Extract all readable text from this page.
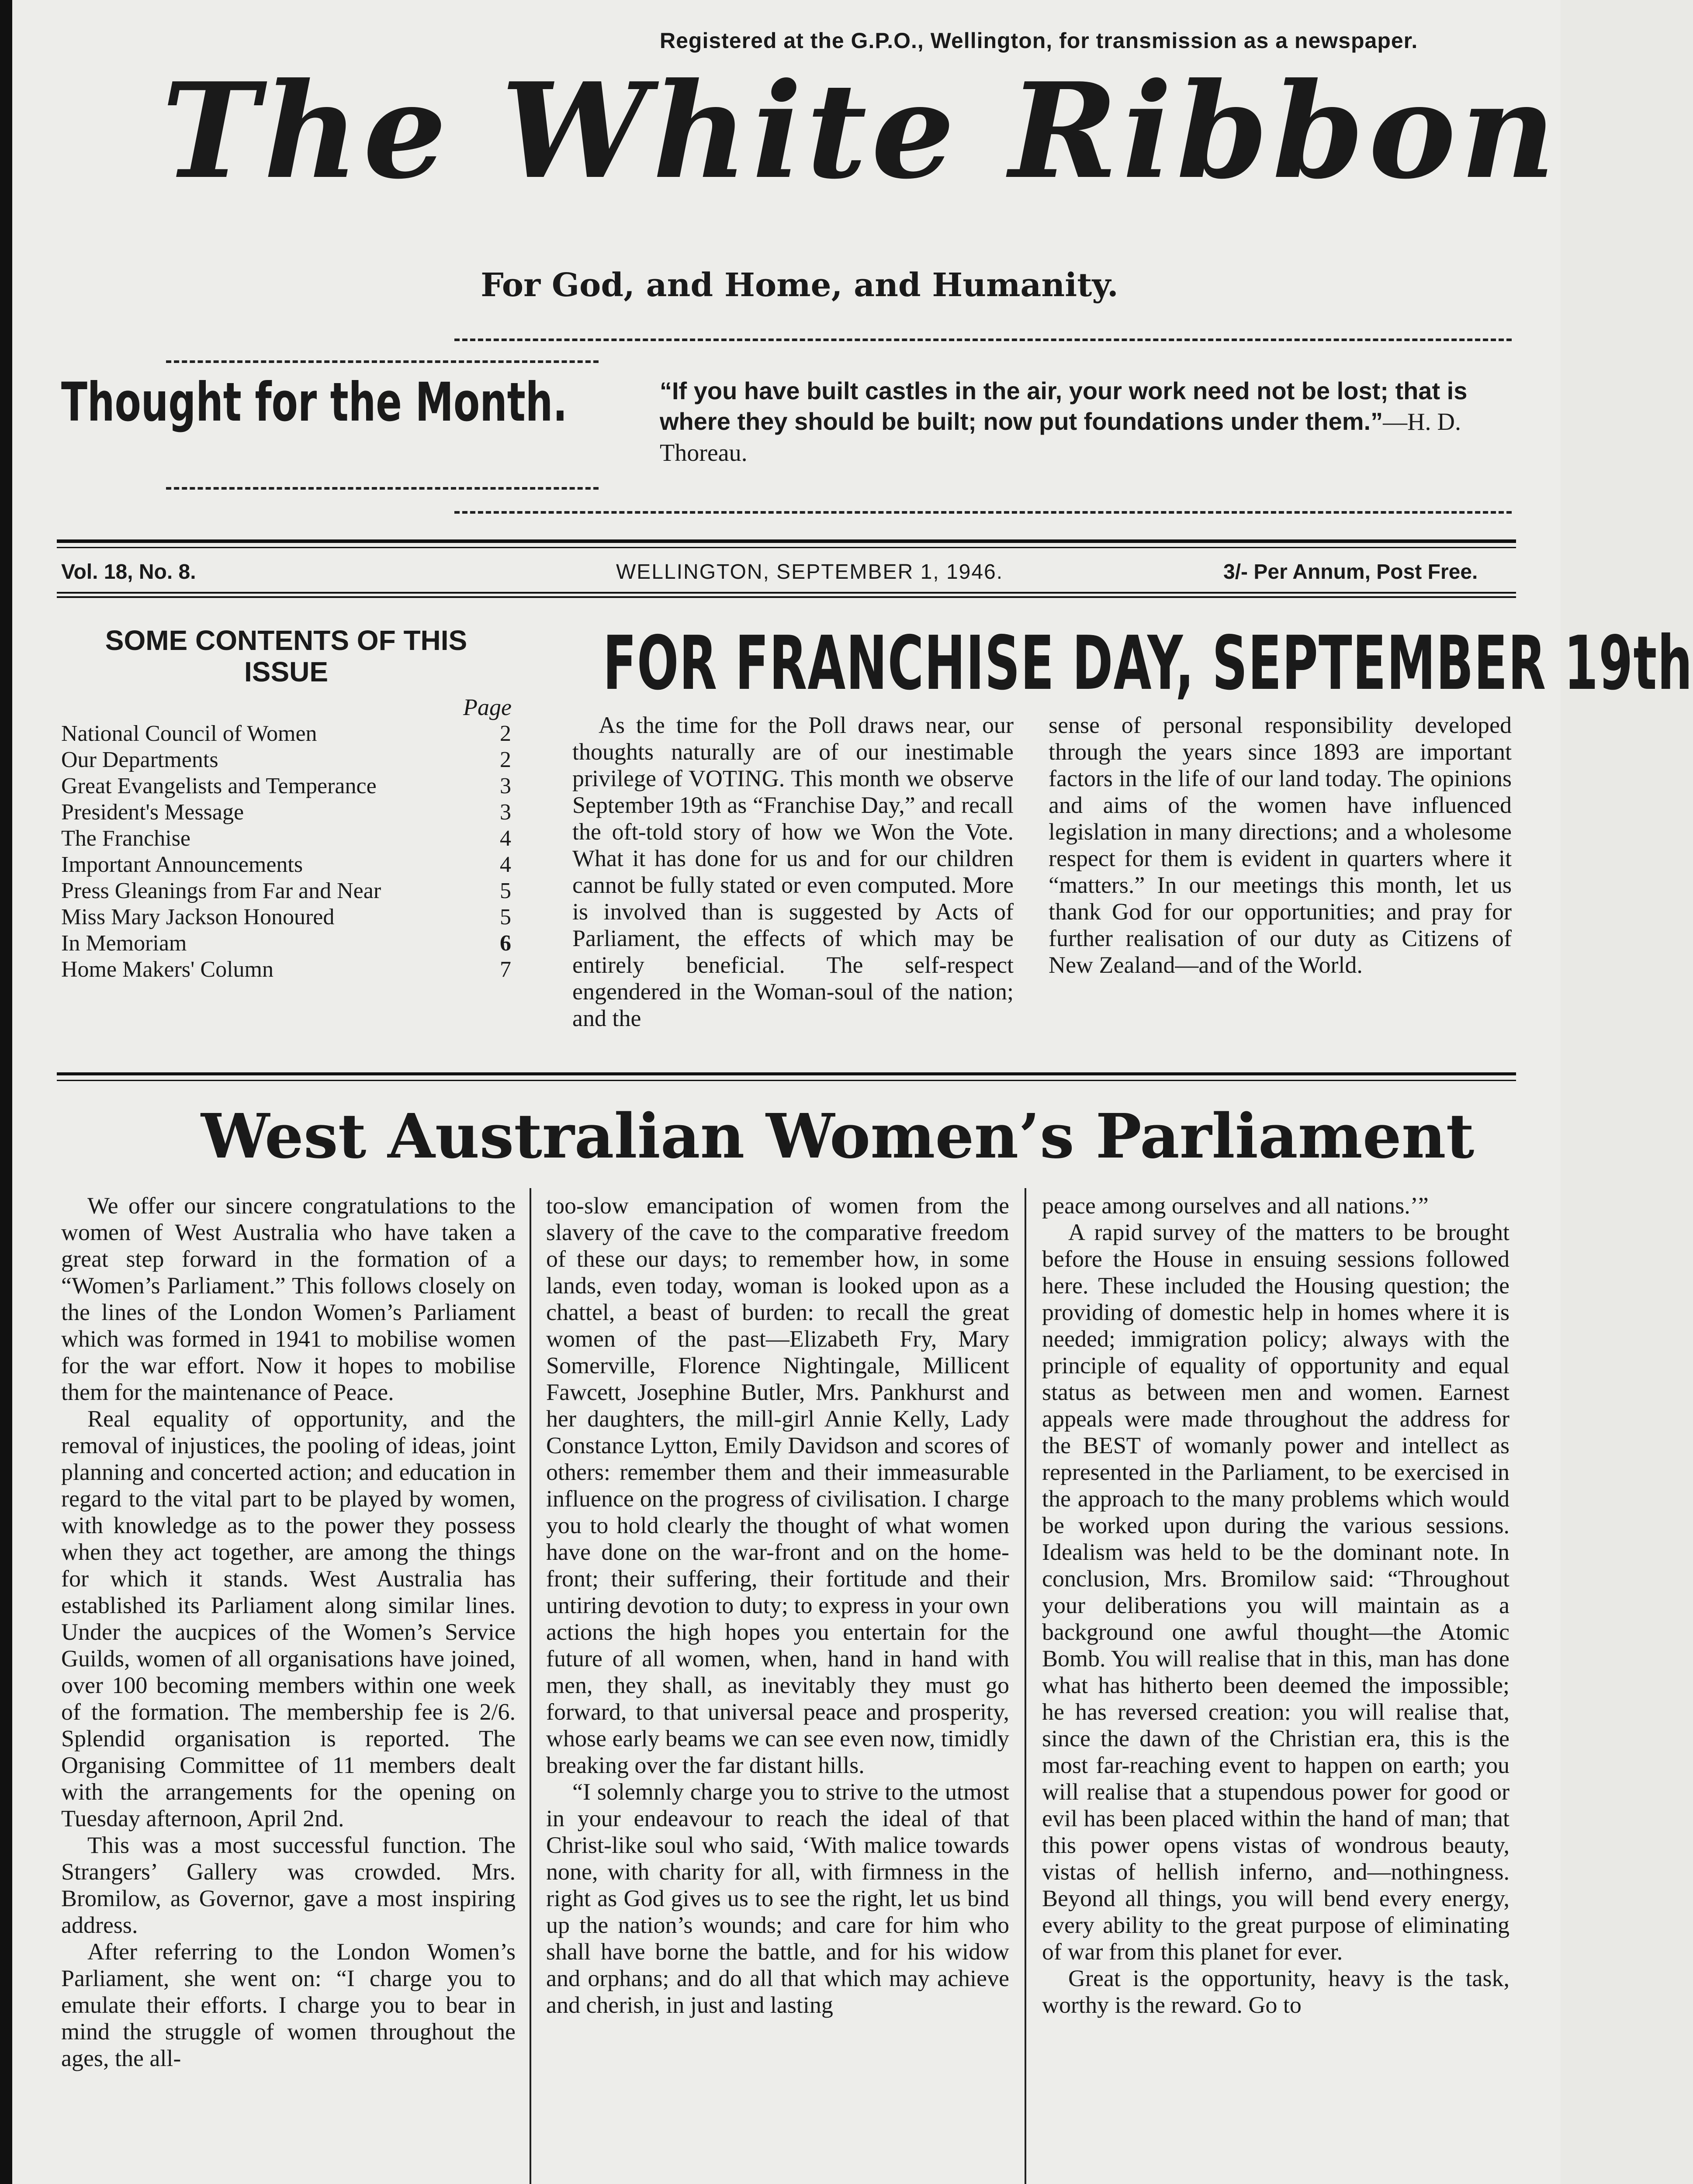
Registered at the G.P.O., Wellington, for transmission as a newspaper.
The White Ribbon
For God, and Home, and Humanity.
Thought for the Month.	“If you have built castles in the air, your work need not be lost; that is where they should be built; now put foundations under them.”—H. D. Thoreau.
Vol. 18, No. 8.	WELLINGTON, SEPTEMBER 1, 1946.	3/- Per Annum, Post Free.
SOME CONTENTS OF THIS ISSUE
Page
National Council of Women	2
Our Departments	2
Great Evangelists and Temperance	3
President's Message	3
The Franchise	4
Important Announcements	4
Press Gleanings from Far and Near	5
Miss Mary Jackson Honoured	5
In Memoriam	6
Home Makers' Column	7
FOR FRANCHISE DAY, SEPTEMBER 19th

As the time for the Poll draws near, our thoughts naturally are of our inestimable privilege of VOTING. This month we observe September 19th as “Franchise Day,” and recall the oft-told story of how we Won the Vote. What it has done for us and for our children cannot be fully stated or even computed. More is involved than is suggested by Acts of Parliament, the effects of which may be entirely beneficial. The self-respect engendered in the Woman-soul of the nation; and the

sense of personal responsibility developed through the years since 1893 are important factors in the life of our land today. The opinions and aims of the women have influenced legislation in many directions; and a wholesome respect for them is evident in quarters where it “matters.” In our meetings this month, let us thank God for our opportunities; and pray for further realisation of our duty as Citizens of New Zealand—and of the World.

West Australian Women’s Parliament

We offer our sincere congratulations to the women of West Australia who have taken a great step forward in the formation of a “Women’s Parliament.” This follows closely on the lines of the London Women’s Parliament which was formed in 1941 to mobilise women for the war effort. Now it hopes to mobilise them for the maintenance of Peace.

Real equality of opportunity, and the removal of injustices, the pooling of ideas, joint planning and concerted action; and education in regard to the vital part to be played by women, with knowledge as to the power they possess when they act together, are among the things for which it stands. West Australia has established its Parliament along similar lines. Under the aucpices of the Women’s Service Guilds, women of all organisations have joined, over 100 becoming members within one week of the formation. The membership fee is 2/6. Splendid organisation is reported. The Organising Committee of 11 members dealt with the arrangements for the opening on Tuesday afternoon, April 2nd.

This was a most successful function. The Strangers’ Gallery was crowded. Mrs. Bromilow, as Governor, gave a most inspiring address.

After referring to the London Women’s Parliament, she went on: “I charge you to emulate their efforts. I charge you to bear in mind the struggle of women throughout the ages, the all-

too-slow emancipation of women from the slavery of the cave to the comparative freedom of these our days; to remember how, in some lands, even today, woman is looked upon as a chattel, a beast of burden: to recall the great women of the past—Elizabeth Fry, Mary Somerville, Florence Nightingale, Millicent Fawcett, Josephine Butler, Mrs. Pankhurst and her daughters, the mill-girl Annie Kelly, Lady Constance Lytton, Emily Davidson and scores of others: remember them and their immeasurable influence on the progress of civilisation. I charge you to hold clearly the thought of what women have done on the war-front and on the home-front; their suffering, their fortitude and their untiring devotion to duty; to express in your own actions the high hopes you entertain for the future of all women, when, hand in hand with men, they shall, as inevitably they must go forward, to that universal peace and prosperity, whose early beams we can see even now, timidly breaking over the far distant hills.

“I solemnly charge you to strive to the utmost in your endeavour to reach the ideal of that Christ-like soul who said, ‘With malice towards none, with charity for all, with firmness in the right as God gives us to see the right, let us bind up the nation’s wounds; and care for him who shall have borne the battle, and for his widow and orphans; and do all that which may achieve and cherish, in just and lasting

peace among ourselves and all nations.’”

A rapid survey of the matters to be brought before the House in ensuing sessions followed here. These included the Housing question; the providing of domestic help in homes where it is needed; immigration policy; always with the principle of equality of opportunity and equal status as between men and women. Earnest appeals were made throughout the address for the BEST of womanly power and intellect as represented in the Parliament, to be exercised in the approach to the many problems which would be worked upon during the various sessions. Idealism was held to be the dominant note. In conclusion, Mrs. Bromilow said: “Throughout your deliberations you will maintain as a background one awful thought—the Atomic Bomb. You will realise that in this, man has done what has hitherto been deemed the impossible; he has reversed creation: you will realise that, since the dawn of the Christian era, this is the most far-reaching event to happen on earth; you will realise that a stupendous power for good or evil has been placed within the hand of man; that this power opens vistas of wondrous beauty, vistas of hellish inferno, and—nothingness. Beyond all things, you will bend every energy, every ability to the great purpose of eliminating of war from this planet for ever.

Great is the opportunity, heavy is the task, worthy is the reward. Go to
